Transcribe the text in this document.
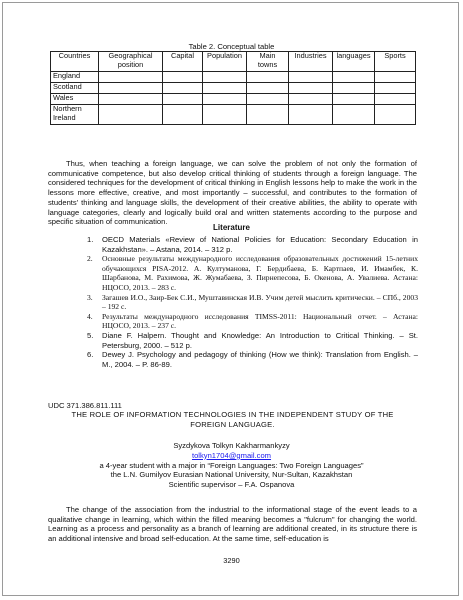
Table 2. Conceptual table
Countries	Geographical position	Capital	Population	Main towns	Industries	languages	Sports
England							
Scotland							
Wales							
Northern Ireland							

Thus, when teaching a foreign language, we can solve the problem of not only the formation of communicative competence, but also develop critical thinking of students through a foreign language. The considered techniques for the development of critical thinking in English lessons help to make the work in the lessons more effective, creative, and most importantly – successful, and contributes to the formation of students' thinking and language skills, the development of their creative abilities, the ability to operate with language categories, clearly and logically build oral and written statements according to the purpose and specific situation of communication.

Literature
1. OECD Materials «Review of National Policies for Education: Secondary Education in Kazakhstan». – Astana, 2014. – 312 p.
2. Основные результаты международного исследования образовательных достижений 15-летних обучающихся PISA-2012. А. Култуманова, Г. Бердибаева, Б. Картпаев, И. Имамбек, К. Шарбанова, М. Рахимова, Ж. Жумабаева, З. Пирнепесова, Б. Окенова, А. Увалиева. Астана: НЦОСО, 2013. – 283 с.
3. Загашев И.О., Заир-Бек С.И., Муштавинская И.В. Учим детей мыслить критически. – СПб., 2003 – 192 с.
4. Результаты международного исследования TIMSS-2011: Национальный отчет. – Астана: НЦОСО, 2013. – 237 с.
5. Diane F. Halpern. Thought and Knowledge: An Introduction to Critical Thinking. – St. Petersburg, 2000. – 512 p.
6. Dewey J. Psychology and pedagogy of thinking (How we think): Translation from English. – M., 2004. – P. 86-89.
UDC 371.386.811.111
THE ROLE OF INFORMATION TECHNOLOGIES IN THE INDEPENDENT STUDY OF THE FOREIGN LANGUAGE.
Syzdykova Tolkyn Kakharmankyzy
tolkyn1704@gmail.com
a 4-year student with a major in “Foreign Languages: Two Foreign Languages”
the L.N. Gumilyov Eurasian National University, Nur-Sultan, Kazakhstan
Scientific supervisor – F.A. Ospanova

The change of the association from the industrial to the informational stage of the event leads to a qualitative change in learning, which within the filled meaning becomes a "fulcrum" for changing the world. Learning as a process and personality as a branch of learning are additional created, in its structure there is an additional intensive and broad self-education. At the same time, self-education is

3290
